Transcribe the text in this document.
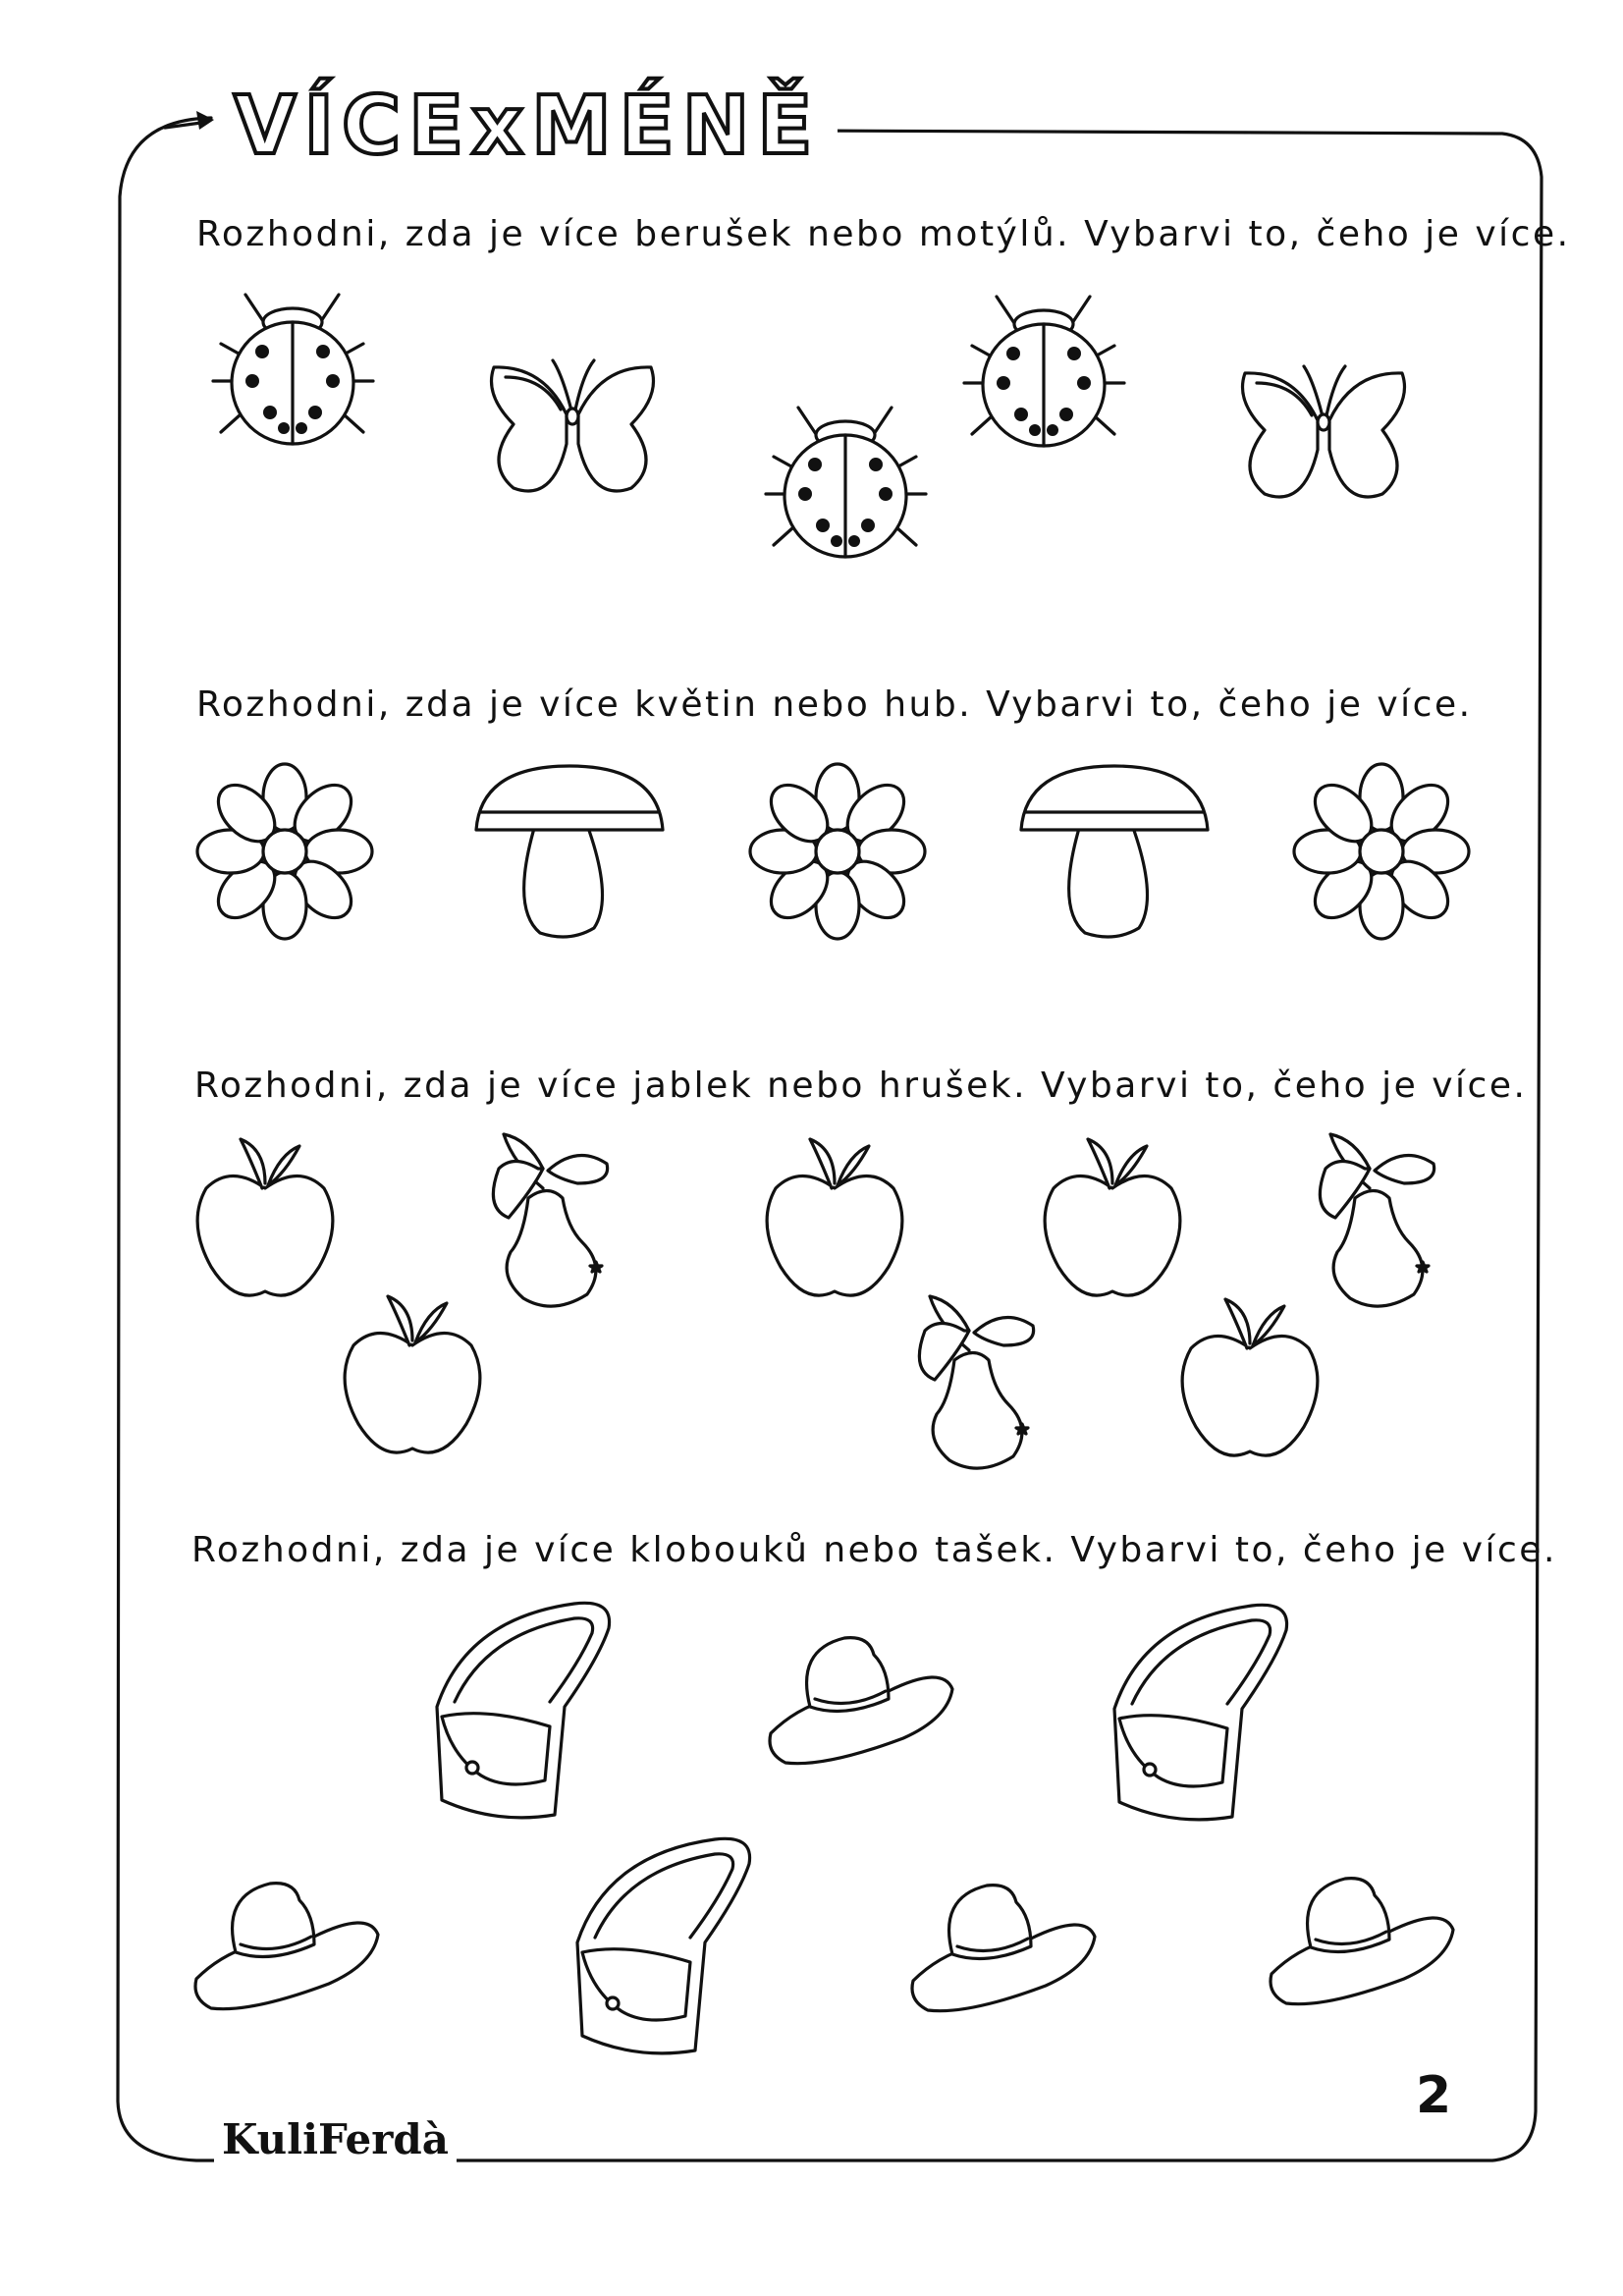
VÍCE x MÉNĚ
Rozhodni, zda je více berušek nebo motýlů. Vybarvi to, čeho je více.
Rozhodni, zda je více květin nebo hub. Vybarvi to, čeho je více.
Rozhodni, zda je více jablek nebo hrušek. Vybarvi to, čeho je více.
Rozhodni, zda je více klobouků nebo tašek. Vybarvi to, čeho je více.
KuliFerdà
2
